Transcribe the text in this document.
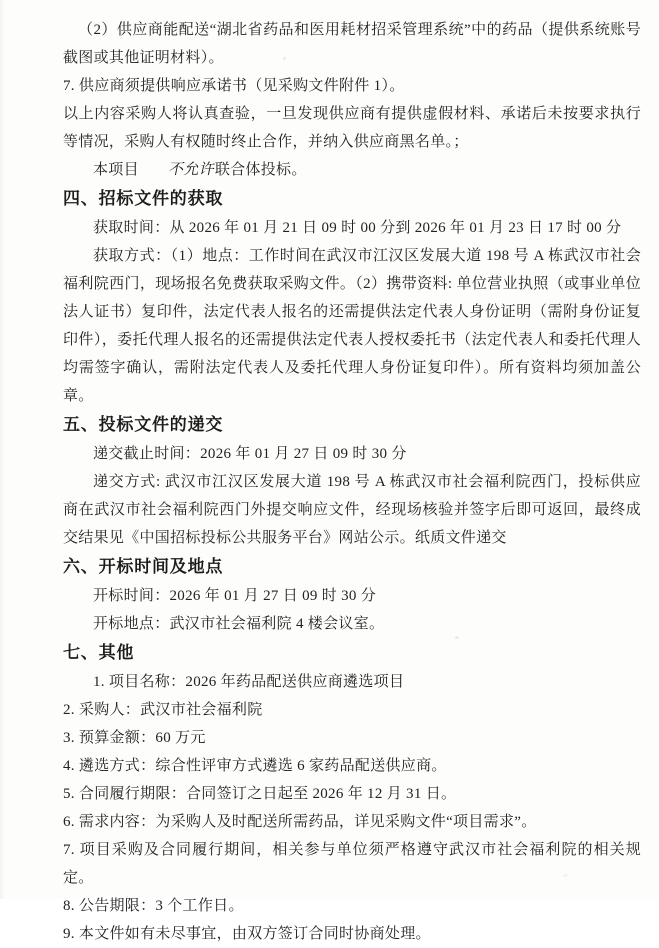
（2）供应商能配送“湖北省药品和医用耗材招采管理系统”中的药品（提供系统账号截图或其他证明材料）。

7. 供应商须提供响应承诺书（见采购文件附件 1）。

以上内容采购人将认真查验，一旦发现供应商有提供虚假材料、承诺后未按要求执行等情况，采购人有权随时终止合作，并纳入供应商黑名单。；

本项目 不允许联合体投标。

四、招标文件的获取

获取时间：从 2026 年 01 月 21 日 09 时 00 分到 2026 年 01 月 23 日 17 时 00 分

获取方式：（1）地点：工作时间在武汉市江汉区发展大道 198 号 A 栋武汉市社会福利院西门，现场报名免费获取采购文件。（2）携带资料: 单位营业执照（或事业单位法人证书）复印件，法定代表人报名的还需提供法定代表人身份证明（需附身份证复印件），委托代理人报名的还需提供法定代表人授权委托书（法定代表人和委托代理人均需签字确认，需附法定代表人及委托代理人身份证复印件）。所有资料均须加盖公章。

五、投标文件的递交

递交截止时间：2026 年 01 月 27 日 09 时 30 分

递交方式: 武汉市江汉区发展大道 198 号 A 栋武汉市社会福利院西门，投标供应商在武汉市社会福利院西门外提交响应文件，经现场核验并签字后即可返回，最终成交结果见《中国招标投标公共服务平台》网站公示。纸质文件递交

六、开标时间及地点

开标时间：2026 年 01 月 27 日 09 时 30 分

开标地点：武汉市社会福利院 4 楼会议室。

七、其他

1. 项目名称：2026 年药品配送供应商遴选项目

2. 采购人：武汉市社会福利院

3. 预算金额：60 万元

4. 遴选方式：综合性评审方式遴选 6 家药品配送供应商。

5. 合同履行期限：合同签订之日起至 2026 年 12 月 31 日。

6. 需求内容：为采购人及时配送所需药品，详见采购文件“项目需求”。

7. 项目采购及合同履行期间，相关参与单位须严格遵守武汉市社会福利院的相关规定。

8. 公告期限：3 个工作日。

9. 本文件如有未尽事宜，由双方签订合同时协商处理。
